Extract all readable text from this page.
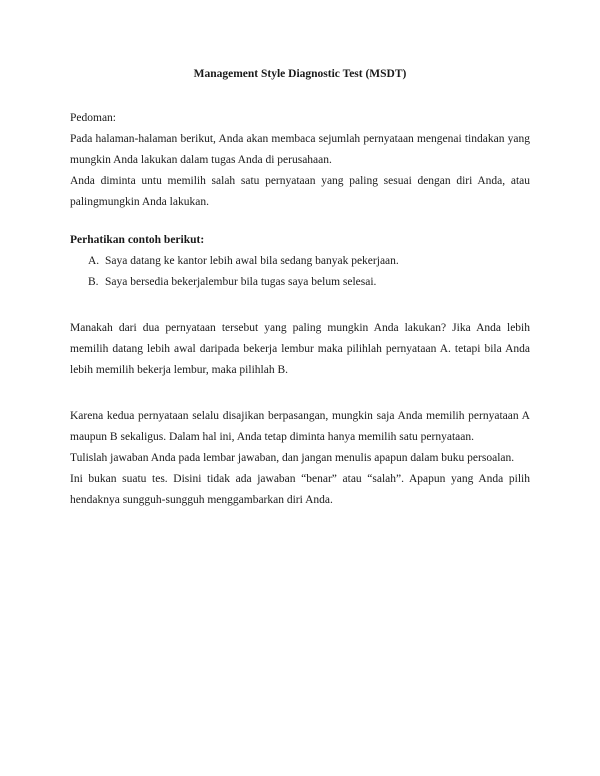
Management Style Diagnostic Test (MSDT)

Pedoman:

Pada halaman-halaman berikut, Anda akan membaca sejumlah pernyataan mengenai tindakan yang mungkin Anda lakukan dalam tugas Anda di perusahaan.

Anda diminta untu memilih salah satu pernyataan yang paling sesuai dengan diri Anda, atau palingmungkin Anda lakukan.

Perhatikan contoh berikut:

A. Saya datang ke kantor lebih awal bila sedang banyak pekerjaan.
B. Saya bersedia bekerjalembur bila tugas saya belum selesai.

Manakah dari dua pernyataan tersebut yang paling mungkin Anda lakukan? Jika Anda lebih memilih datang lebih awal daripada bekerja lembur maka pilihlah pernyataan A. tetapi bila Anda lebih memilih bekerja lembur, maka pilihlah B.

Karena kedua pernyataan selalu disajikan berpasangan, mungkin saja Anda memilih pernyataan A maupun B sekaligus. Dalam hal ini, Anda tetap diminta hanya memilih satu pernyataan.

Tulislah jawaban Anda pada lembar jawaban, dan jangan menulis apapun dalam buku persoalan.

Ini bukan suatu tes. Disini tidak ada jawaban “benar” atau “salah”. Apapun yang Anda pilih hendaknya sungguh-sungguh menggambarkan diri Anda.
